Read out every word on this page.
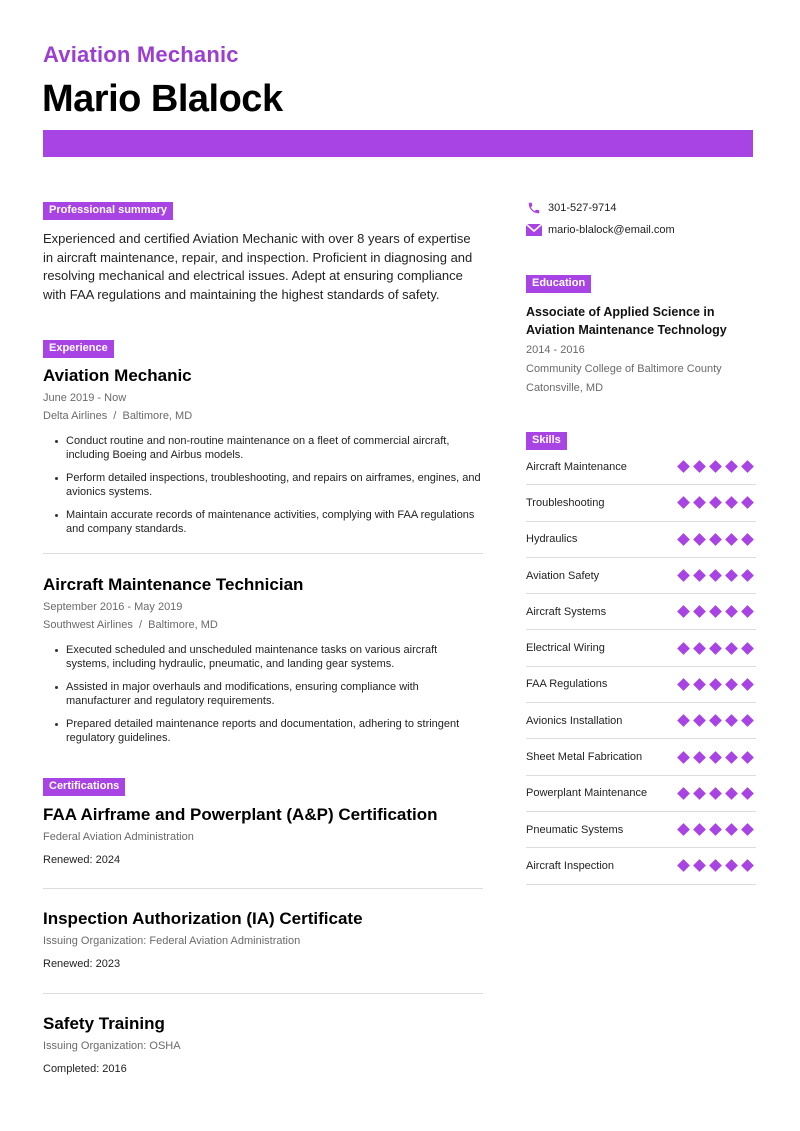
Aviation Mechanic
Mario Blalock
Professional summary

Experienced and certified Aviation Mechanic with over 8 years of expertise in aircraft maintenance, repair, and inspection. Proficient in diagnosing and resolving mechanical and electrical issues. Adept at ensuring compliance with FAA regulations and maintaining the highest standards of safety.

Experience
Aviation Mechanic
June 2019 - Now
Delta Airlines  /  Baltimore, MD
Conduct routine and non-routine maintenance on a fleet of commercial aircraft, including Boeing and Airbus models.
Perform detailed inspections, troubleshooting, and repairs on airframes, engines, and avionics systems.
Maintain accurate records of maintenance activities, complying with FAA regulations and company standards.
Aircraft Maintenance Technician
September 2016 - May 2019
Southwest Airlines  /  Baltimore, MD
Executed scheduled and unscheduled maintenance tasks on various aircraft systems, including hydraulic, pneumatic, and landing gear systems.
Assisted in major overhauls and modifications, ensuring compliance with manufacturer and regulatory requirements.
Prepared detailed maintenance reports and documentation, adhering to stringent regulatory guidelines.
Certifications
FAA Airframe and Powerplant (A&P) Certification
Federal Aviation Administration
Renewed: 2024
Inspection Authorization (IA) Certificate
Issuing Organization: Federal Aviation Administration
Renewed: 2023
Safety Training
Issuing Organization: OSHA
Completed: 2016
301-527-9714
mario-blalock@email.com
Education
Associate of Applied Science in Aviation Maintenance Technology
2014 - 2016
Community College of Baltimore County
Catonsville, MD
Skills
Aircraft Maintenance
Troubleshooting
Hydraulics
Aviation Safety
Aircraft Systems
Electrical Wiring
FAA Regulations
Avionics Installation
Sheet Metal Fabrication
Powerplant Maintenance
Pneumatic Systems
Aircraft Inspection
